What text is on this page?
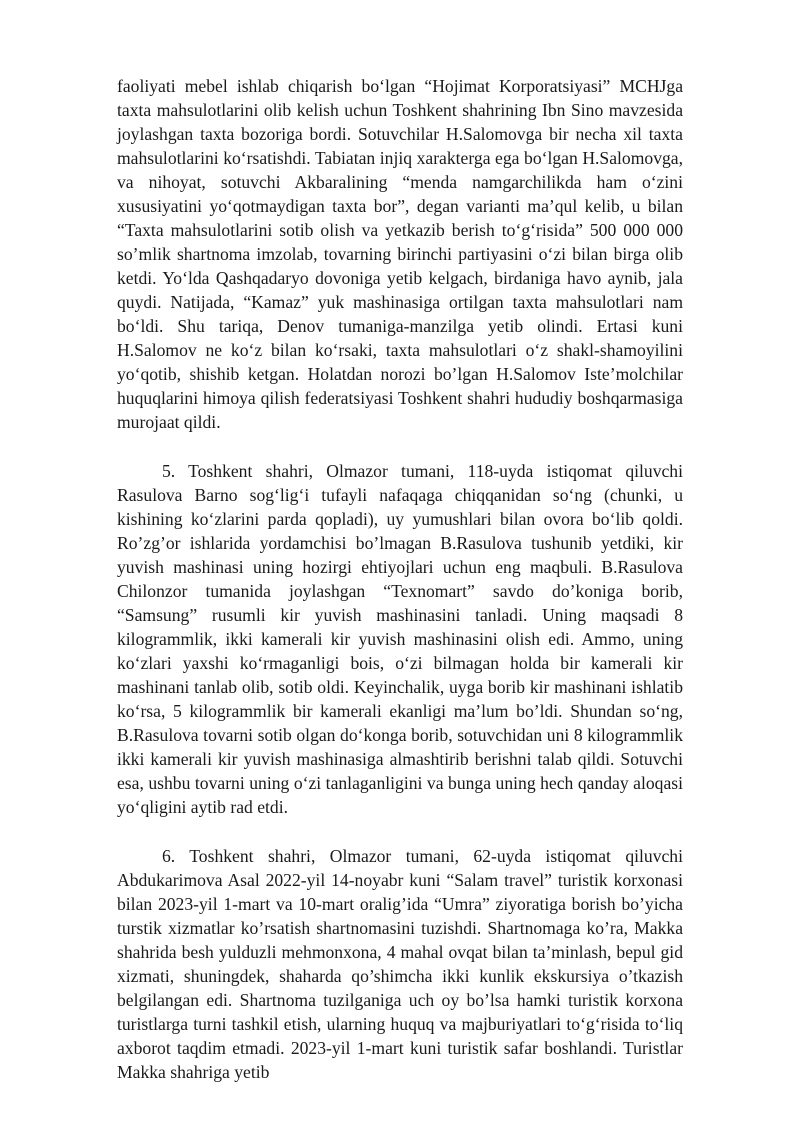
faoliyati mebel ishlab chiqarish bo‘lgan “Hojimat Korporatsiyasi” MCHJga taxta mahsulotlarini olib kelish uchun Toshkent shahrining Ibn Sino mavzesida joylashgan taxta bozoriga bordi. Sotuvchilar H.Salomovga bir necha xil taxta mahsulotlarini ko‘rsatishdi. Tabiatan injiq xarakterga ega bo‘lgan H.Salomovga, va nihoyat, sotuvchi Akbaralining “menda namgarchilikda ham o‘zini xususiyatini yo‘qotmaydigan taxta bor”, degan varianti ma’qul kelib, u bilan “Taxta mahsulotlarini sotib olish va yetkazib berish to‘g‘risida” 500 000 000 so’mlik shartnoma imzolab, tovarning birinchi partiyasini o‘zi bilan birga olib ketdi. Yo‘lda Qashqadaryo dovoniga yetib kelgach, birdaniga havo aynib, jala quydi. Natijada, “Kamaz” yuk mashinasiga ortilgan taxta mahsulotlari nam bo‘ldi. Shu tariqa, Denov tumaniga-manzilga yetib olindi. Ertasi kuni H.Salomov ne ko‘z bilan ko‘rsaki, taxta mahsulotlari o‘z shakl-shamoyilini yo‘qotib, shishib ketgan. Holatdan norozi bo’lgan H.Salomov Iste’molchilar huquqlarini himoya qilish federatsiyasi Toshkent shahri hududiy boshqarmasiga murojaat qildi.

5. Toshkent shahri, Olmazor tumani, 118-uyda istiqomat qiluvchi Rasulova Barno sog‘lig‘i tufayli nafaqaga chiqqanidan so‘ng (chunki, u kishining ko‘zlarini parda qopladi), uy yumushlari bilan ovora bo‘lib qoldi. Ro’zg’or ishlarida yordamchisi bo’lmagan B.Rasulova tushunib yetdiki, kir yuvish mashinasi uning hozirgi ehtiyojlari uchun eng maqbuli. B.Rasulova Chilonzor tumanida joylashgan “Texnomart” savdo do’koniga borib, “Samsung” rusumli kir yuvish mashinasini tanladi. Uning maqsadi 8 kilogrammlik, ikki kamerali kir yuvish mashinasini olish edi. Ammo, uning ko‘zlari yaxshi ko‘rmaganligi bois, o‘zi bilmagan holda bir kamerali kir mashinani tanlab olib, sotib oldi. Keyinchalik, uyga borib kir mashinani ishlatib ko‘rsa, 5 kilogrammlik bir kamerali ekanligi ma’lum bo’ldi. Shundan so‘ng, B.Rasulova tovarni sotib olgan do‘konga borib, sotuvchidan uni 8 kilogrammlik ikki kamerali kir yuvish mashinasiga almashtirib berishni talab qildi. Sotuvchi esa, ushbu tovarni uning o‘zi tanlaganligini va bunga uning hech qanday aloqasi yo‘qligini aytib rad etdi.

6. Toshkent shahri, Olmazor tumani, 62-uyda istiqomat qiluvchi Abdukarimova Asal 2022-yil 14-noyabr kuni “Salam travel” turistik korxonasi bilan 2023-yil 1-mart va 10-mart oralig’ida “Umra” ziyoratiga borish bo’yicha turstik xizmatlar ko’rsatish shartnomasini tuzishdi. Shartnomaga ko’ra, Makka shahrida besh yulduzli mehmonxona, 4 mahal ovqat bilan ta’minlash, bepul gid xizmati, shuningdek, shaharda qo’shimcha ikki kunlik ekskursiya o’tkazish belgilangan edi. Shartnoma tuzilganiga uch oy bo’lsa hamki turistik korxona turistlarga turni tashkil etish, ularning huquq va majburiyatlari to‘g‘risida to‘liq axborot taqdim etmadi. 2023-yil 1-mart kuni turistik safar boshlandi. Turistlar Makka shahriga yetib
